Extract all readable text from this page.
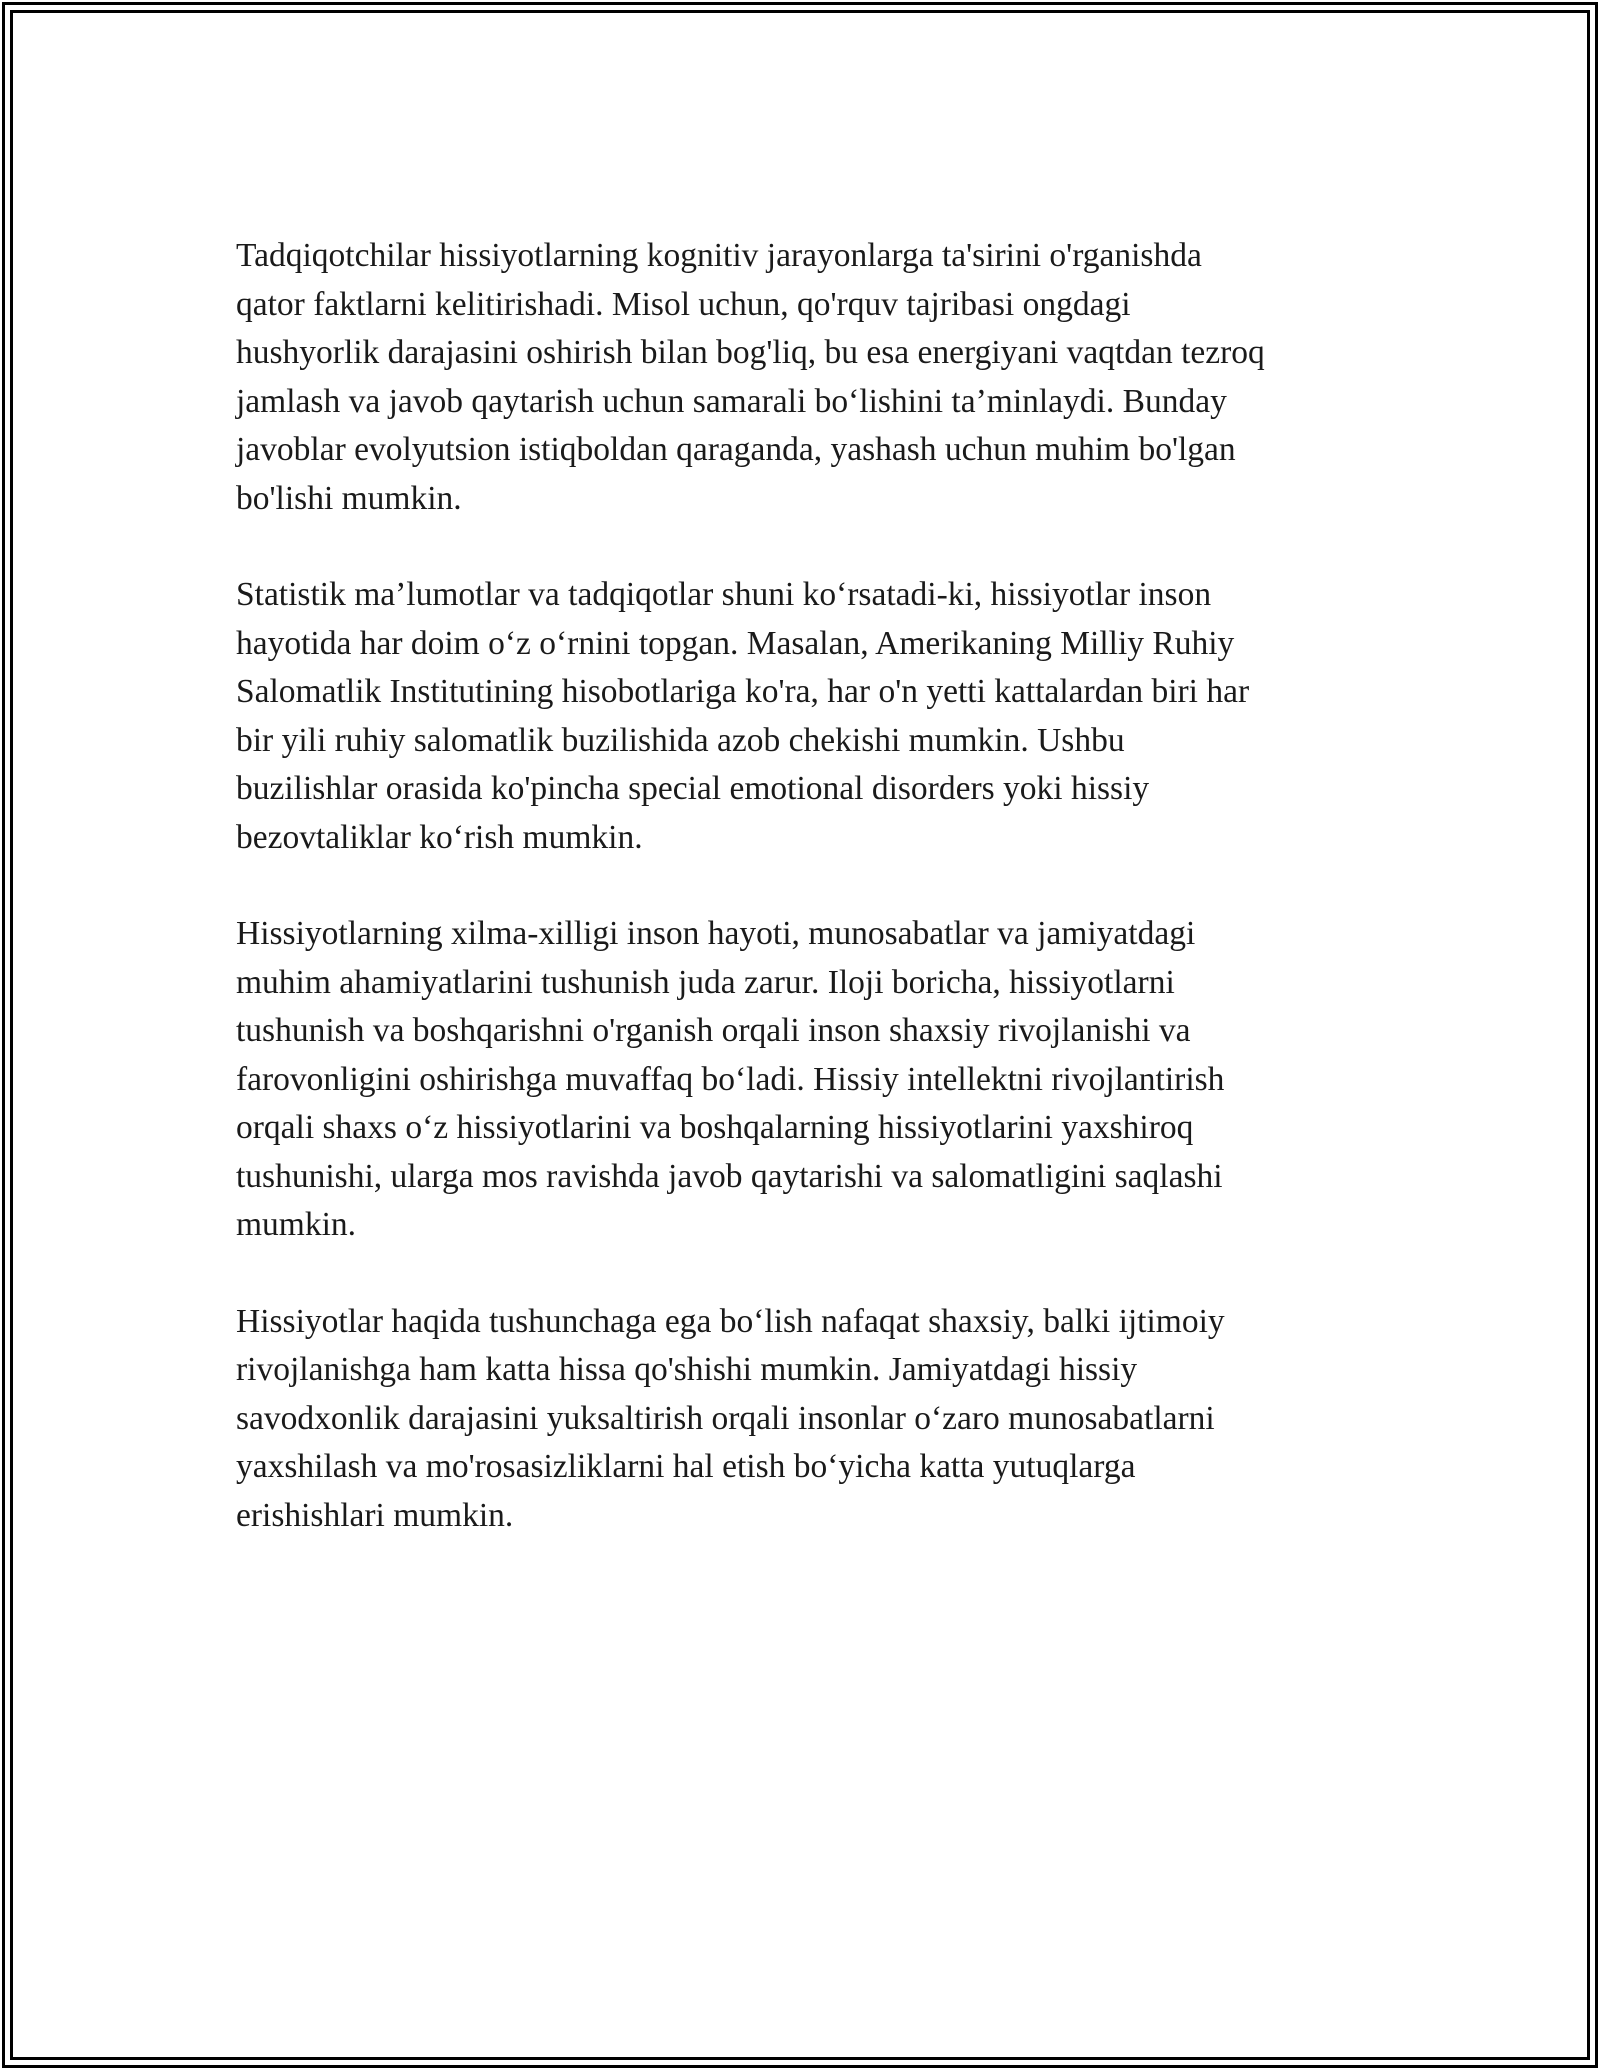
Tadqiqotchilar hissiyotlarning kognitiv jarayonlarga ta'sirini o'rganishda
qator faktlarni kelitirishadi. Misol uchun, qo'rquv tajribasi ongdagi
hushyorlik darajasini oshirish bilan bog'liq, bu esa energiyani vaqtdan tezroq
jamlash va javob qaytarish uchun samarali bo‘lishini ta’minlaydi. Bunday
javoblar evolyutsion istiqboldan qaraganda, yashash uchun muhim bo'lgan
bo'lishi mumkin.

Statistik ma’lumotlar va tadqiqotlar shuni ko‘rsatadi-ki, hissiyotlar inson
hayotida har doim o‘z o‘rnini topgan. Masalan, Amerikaning Milliy Ruhiy
Salomatlik Institutining hisobotlariga ko'ra, har o'n yetti kattalardan biri har
bir yili ruhiy salomatlik buzilishida azob chekishi mumkin. Ushbu
buzilishlar orasida ko'pincha special emotional disorders yoki hissiy
bezovtaliklar ko‘rish mumkin.

Hissiyotlarning xilma-xilligi inson hayoti, munosabatlar va jamiyatdagi
muhim ahamiyatlarini tushunish juda zarur. Iloji boricha, hissiyotlarni
tushunish va boshqarishni o'rganish orqali inson shaxsiy rivojlanishi va
farovonligini oshirishga muvaffaq bo‘ladi. Hissiy intellektni rivojlantirish
orqali shaxs o‘z hissiyotlarini va boshqalarning hissiyotlarini yaxshiroq
tushunishi, ularga mos ravishda javob qaytarishi va salomatligini saqlashi
mumkin.

Hissiyotlar haqida tushunchaga ega bo‘lish nafaqat shaxsiy, balki ijtimoiy
rivojlanishga ham katta hissa qo'shishi mumkin. Jamiyatdagi hissiy
savodxonlik darajasini yuksaltirish orqali insonlar o‘zaro munosabatlarni
yaxshilash va mo'rosasizliklarni hal etish bo‘yicha katta yutuqlarga
erishishlari mumkin.
